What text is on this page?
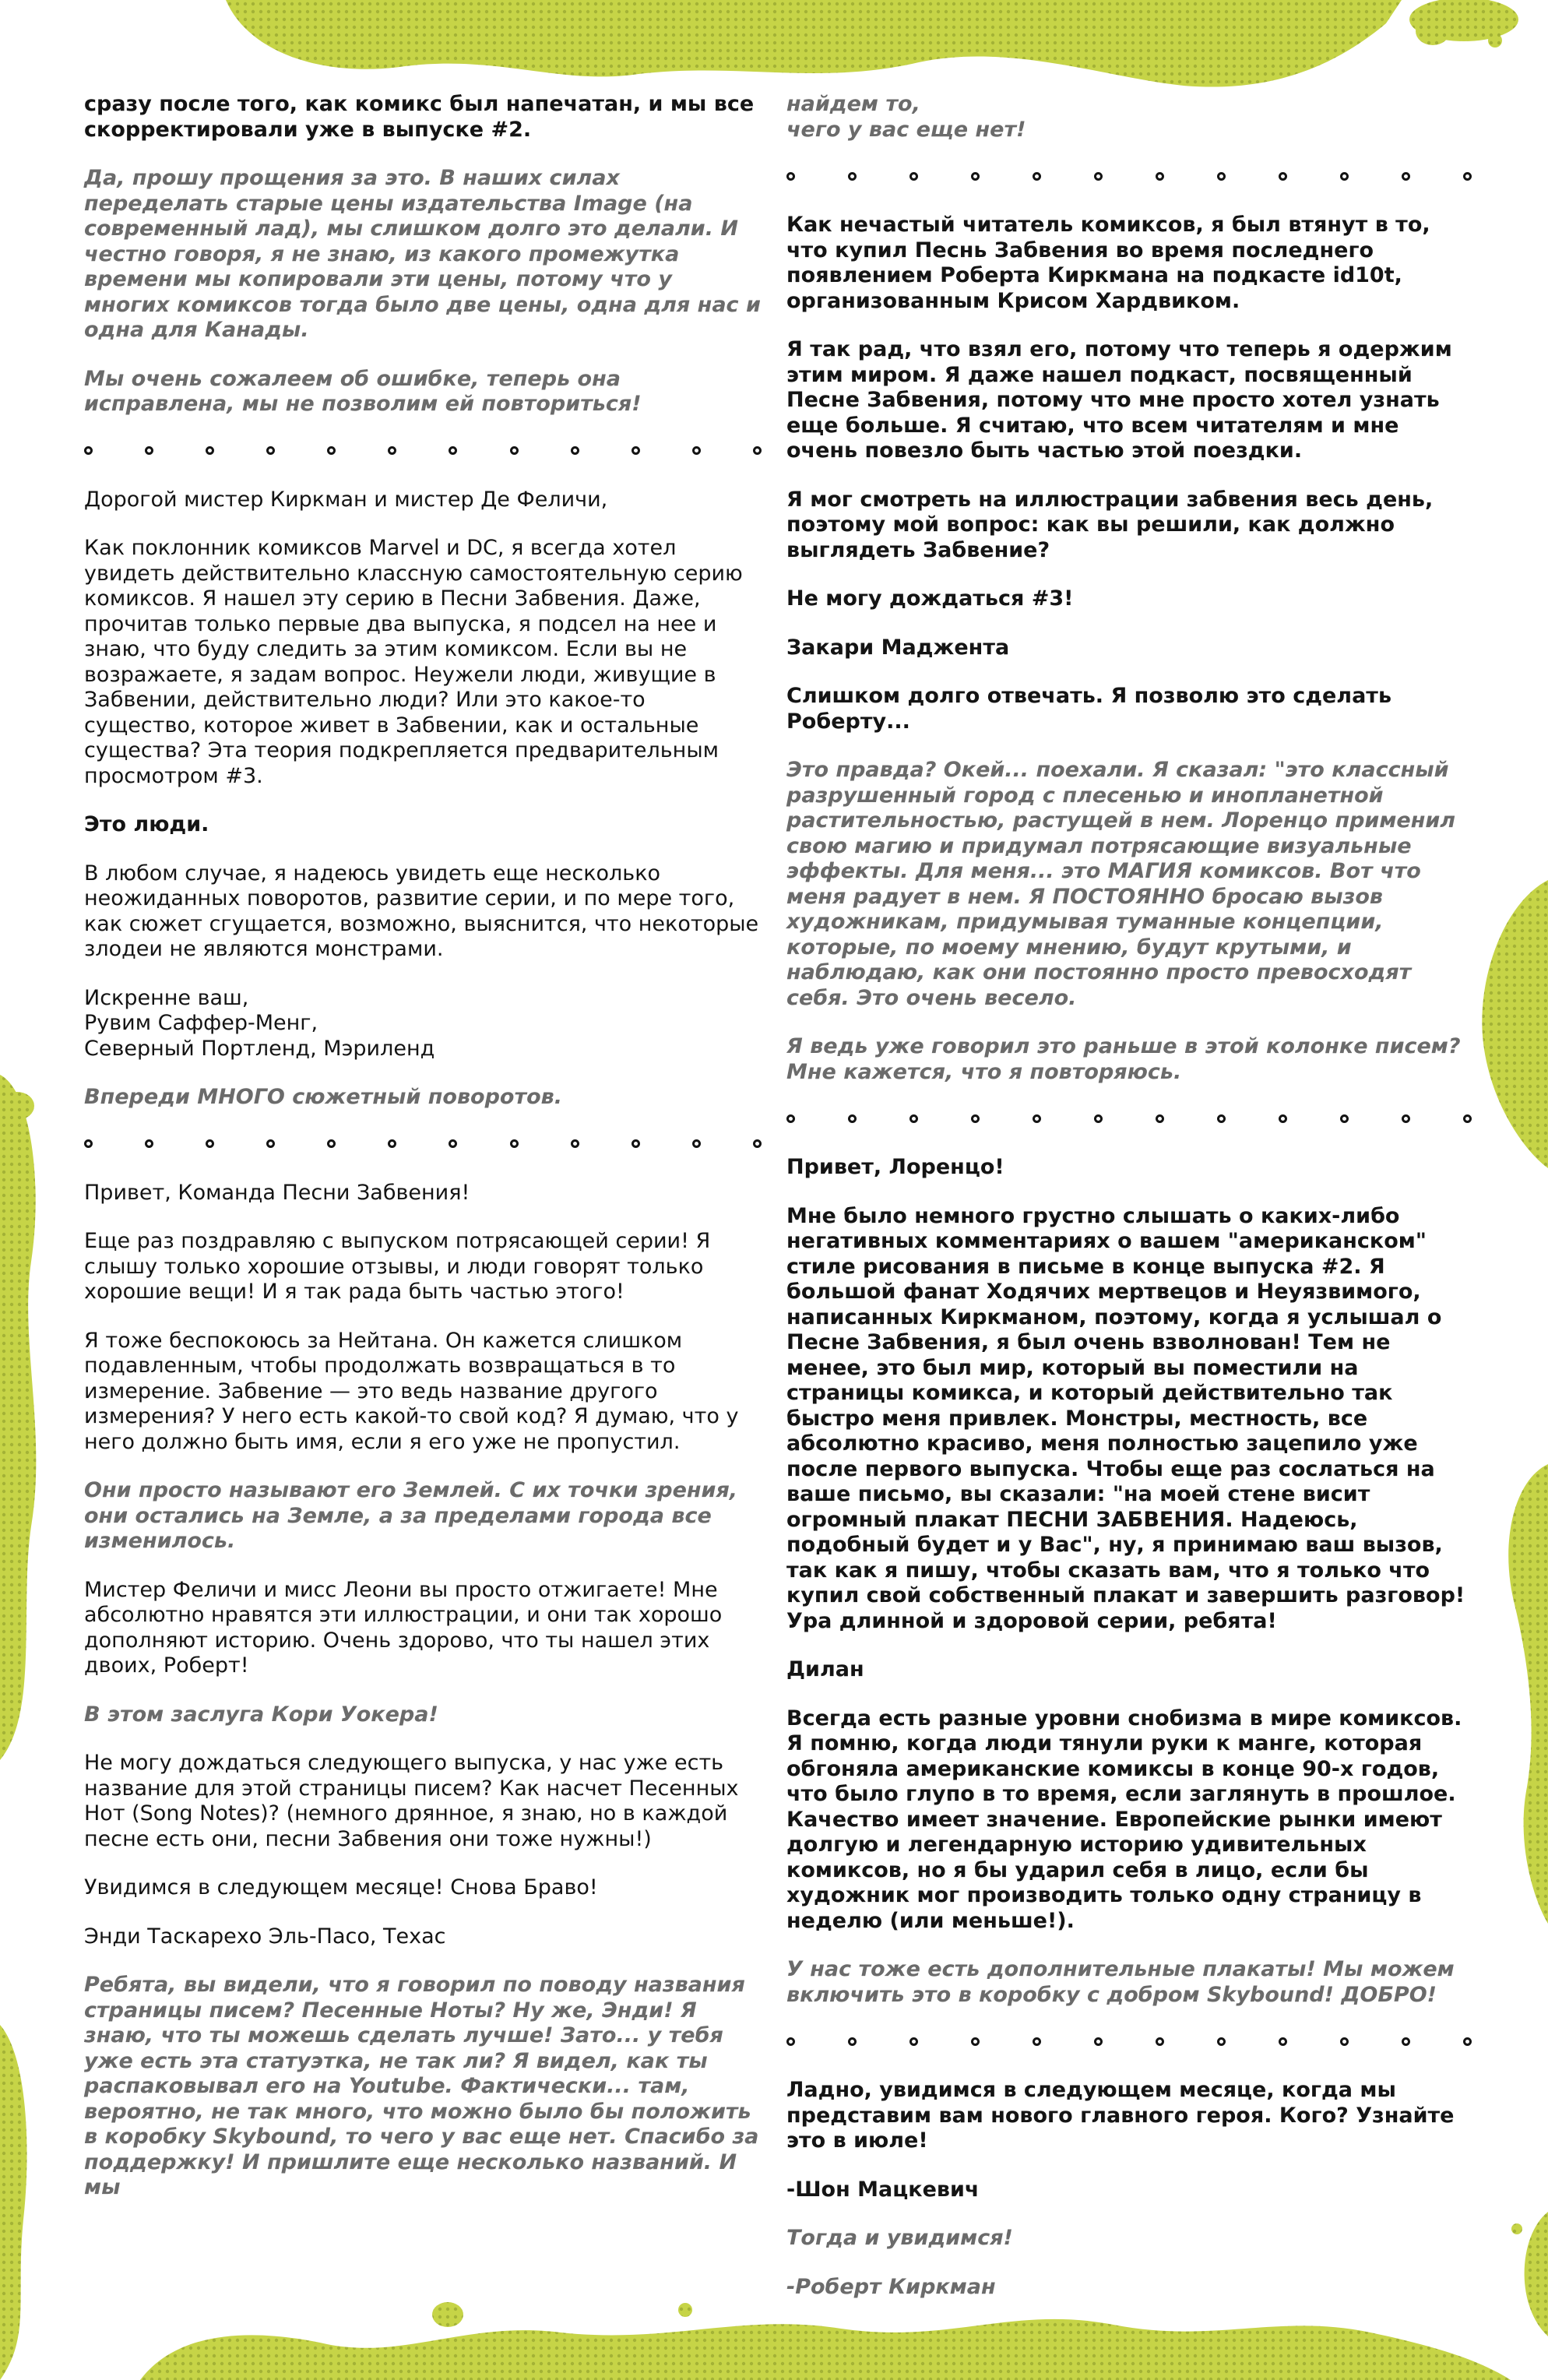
сразу после того, как комикс был напечатан, и мы все скорректировали уже в выпуске #2.
Да, прошу прощения за это. В наших силах переделать старые цены издательства Image (на современный лад), мы слишком долго это делали. И честно говоря, я не знаю, из какого промежутка времени мы копировали эти цены, потому что у многих комиксов тогда было две цены, одна для нас и одна для Канады.
Мы очень сожалеем об ошибке, теперь она исправлена, мы не позволим ей повториться!
Дорогой мистер Киркман и мистер Де Феличи,
Как поклонник комиксов Marvel и DC, я всегда хотел увидеть действительно классную самостоятельную серию комиксов. Я нашел эту серию в Песни Забвения. Даже, прочитав только первые два выпуска, я подсел на нее и знаю, что буду следить за этим комиксом. Если вы не возражаете, я задам вопрос. Неужели люди, живущие в Забвении, действительно люди? Или это какое-то существо, которое живет в Забвении, как и остальные существа? Эта теория подкрепляется предварительным просмотром #3.
Это люди.
В любом случае, я надеюсь увидеть еще несколько неожиданных поворотов, развитие серии, и по мере того, как сюжет сгущается, возможно, выяснится, что некоторые злодеи не являются монстрами.
Искренне ваш,
Рувим Саффер-Менг,
Северный Портленд, Мэриленд
Впереди МНОГО сюжетный поворотов.
Привет, Команда Песни Забвения!
Еще раз поздравляю с выпуском потрясающей серии! Я слышу только хорошие отзывы, и люди говорят только хорошие вещи! И я так рада быть частью этого!
Я тоже беспокоюсь за Нейтана. Он кажется слишком подавленным, чтобы продолжать возвращаться в то измерение. Забвение — это ведь название другого измерения? У него есть какой-то свой код? Я думаю, что у него должно быть имя, если я его уже не пропустил.
Они просто называют его Землей. С их точки зрения, они остались на Земле, а за пределами города все изменилось.
Мистер Феличи и мисс Леони вы просто отжигаете! Мне абсолютно нравятся эти иллюстрации, и они так хорошо дополняют историю. Очень здорово, что ты нашел этих двоих, Роберт!
В этом заслуга Кори Уокера!
Не могу дождаться следующего выпуска, у нас уже есть название для этой страницы писем? Как насчет Песенных Нот (Song Notes)? (немного дрянное, я знаю, но в каждой песне есть они, песни Забвения они тоже нужны!)
Увидимся в следующем месяце! Снова Браво!
Энди Таскарехо Эль-Пасо, Техас
Ребята, вы видели, что я говорил по поводу названия страницы писем? Песенные Ноты? Ну же, Энди! Я знаю, что ты можешь сделать лучше! Зато... у тебя уже есть эта статуэтка, не так ли? Я видел, как ты распаковывал его на Youtube. Фактически... там, вероятно, не так много, что можно было бы положить в коробку Skybound, то чего у вас еще нет. Спасибо за поддержку! И пришлите еще несколько названий. И мы
найдем то,
чего у вас еще нет!
Как нечастый читатель комиксов, я был втянут в то, что купил Песнь Забвения во время последнего появлением Роберта Киркмана на подкасте id10t, организованным Крисом Хардвиком.
Я так рад, что взял его, потому что теперь я одержим этим миром. Я даже нашел подкаст, посвященный Песне Забвения, потому что мне просто хотел узнать еще больше. Я считаю, что всем читателям и мне очень повезло быть частью этой поездки.
Я мог смотреть на иллюстрации забвения весь день, поэтому мой вопрос: как вы решили, как должно выглядеть Забвение?
Не могу дождаться #3!
Закари Маджента
Слишком долго отвечать. Я позволю это сделать Роберту...
Это правда? Окей... поехали. Я сказал: "это классный разрушенный город с плесенью и инопланетной растительностью, растущей в нем. Лоренцо применил свою магию и придумал потрясающие визуальные эффекты. Для меня... это МАГИЯ комиксов. Вот что меня радует в нем. Я ПОСТОЯННО бросаю вызов художникам, придумывая туманные концепции, которые, по моему мнению, будут крутыми, и наблюдаю, как они постоянно просто превосходят себя. Это очень весело.
Я ведь уже говорил это раньше в этой колонке писем? Мне кажется, что я повторяюсь.
Привет, Лоренцо!
Мне было немного грустно слышать о каких-либо негативных комментариях о вашем "американском" стиле рисования в письме в конце выпуска #2. Я большой фанат Ходячих мертвецов и Неуязвимого, написанных Киркманом, поэтому, когда я услышал о Песне Забвения, я был очень взволнован! Тем не менее, это был мир, который вы поместили на страницы комикса, и который действительно так быстро меня привлек. Монстры, местность, все абсолютно красиво, меня полностью зацепило уже после первого выпуска. Чтобы еще раз сослаться на ваше письмо, вы сказали: "на моей стене висит огромный плакат ПЕСНИ ЗАБВЕНИЯ. Надеюсь, подобный будет и у Вас", ну, я принимаю ваш вызов, так как я пишу, чтобы сказать вам, что я только что купил свой собственный плакат и завершить разговор! Ура длинной и здоровой серии, ребята!
Дилан
Всегда есть разные уровни снобизма в мире комиксов. Я помню, когда люди тянули руки к манге, которая обгоняла американские комиксы в конце 90-х годов, что было глупо в то время, если заглянуть в прошлое. Качество имеет значение. Европейские рынки имеют долгую и легендарную историю удивительных комиксов, но я бы ударил себя в лицо, если бы художник мог производить только одну страницу в неделю (или меньше!).
У нас тоже есть дополнительные плакаты! Мы можем включить это в коробку с добром Skybound! ДОБРО!
Ладно, увидимся в следующем месяце, когда мы представим вам нового главного героя. Кого? Узнайте это в июле!
-Шон Мацкевич
Тогда и увидимся!
-Роберт Киркман
